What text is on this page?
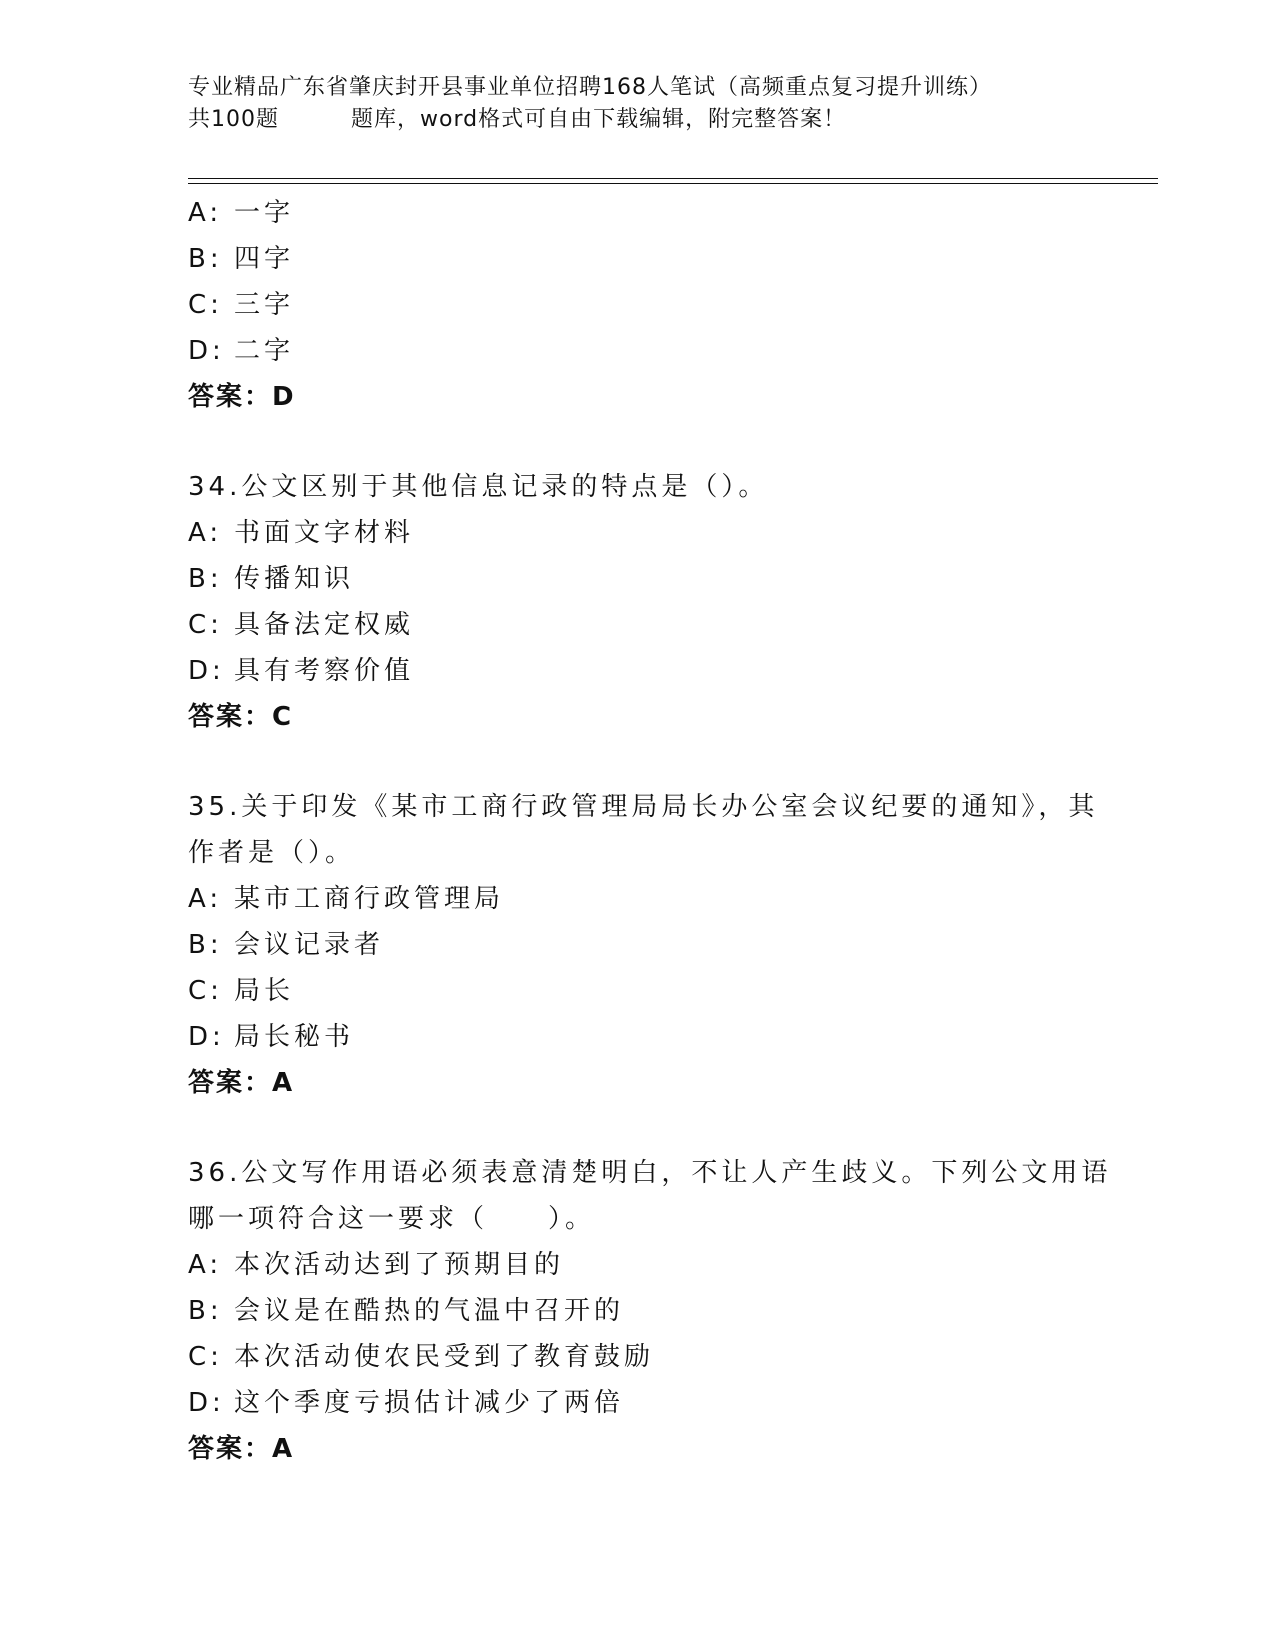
专业精品广东省肇庆封开县事业单位招聘168人笔试（高频重点复习提升训练）
共100题	题库，word格式可自由下载编辑，附完整答案！
A: 一字
B: 四字
C: 三字
D: 二字
答案：D
34.公文区别于其他信息记录的特点是（）。
A: 书面文字材料
B: 传播知识
C: 具备法定权威
D: 具有考察价值
答案：C
35.关于印发《某市工商行政管理局局长办公室会议纪要的通知》，其
作者是（）。
A: 某市工商行政管理局
B: 会议记录者
C: 局长
D: 局长秘书
答案：A
36.公文写作用语必须表意清楚明白，不让人产生歧义。下列公文用语
哪一项符合这一要求（　　）。
A: 本次活动达到了预期目的
B: 会议是在酷热的气温中召开的
C: 本次活动使农民受到了教育鼓励
D: 这个季度亏损估计减少了两倍
答案：A
